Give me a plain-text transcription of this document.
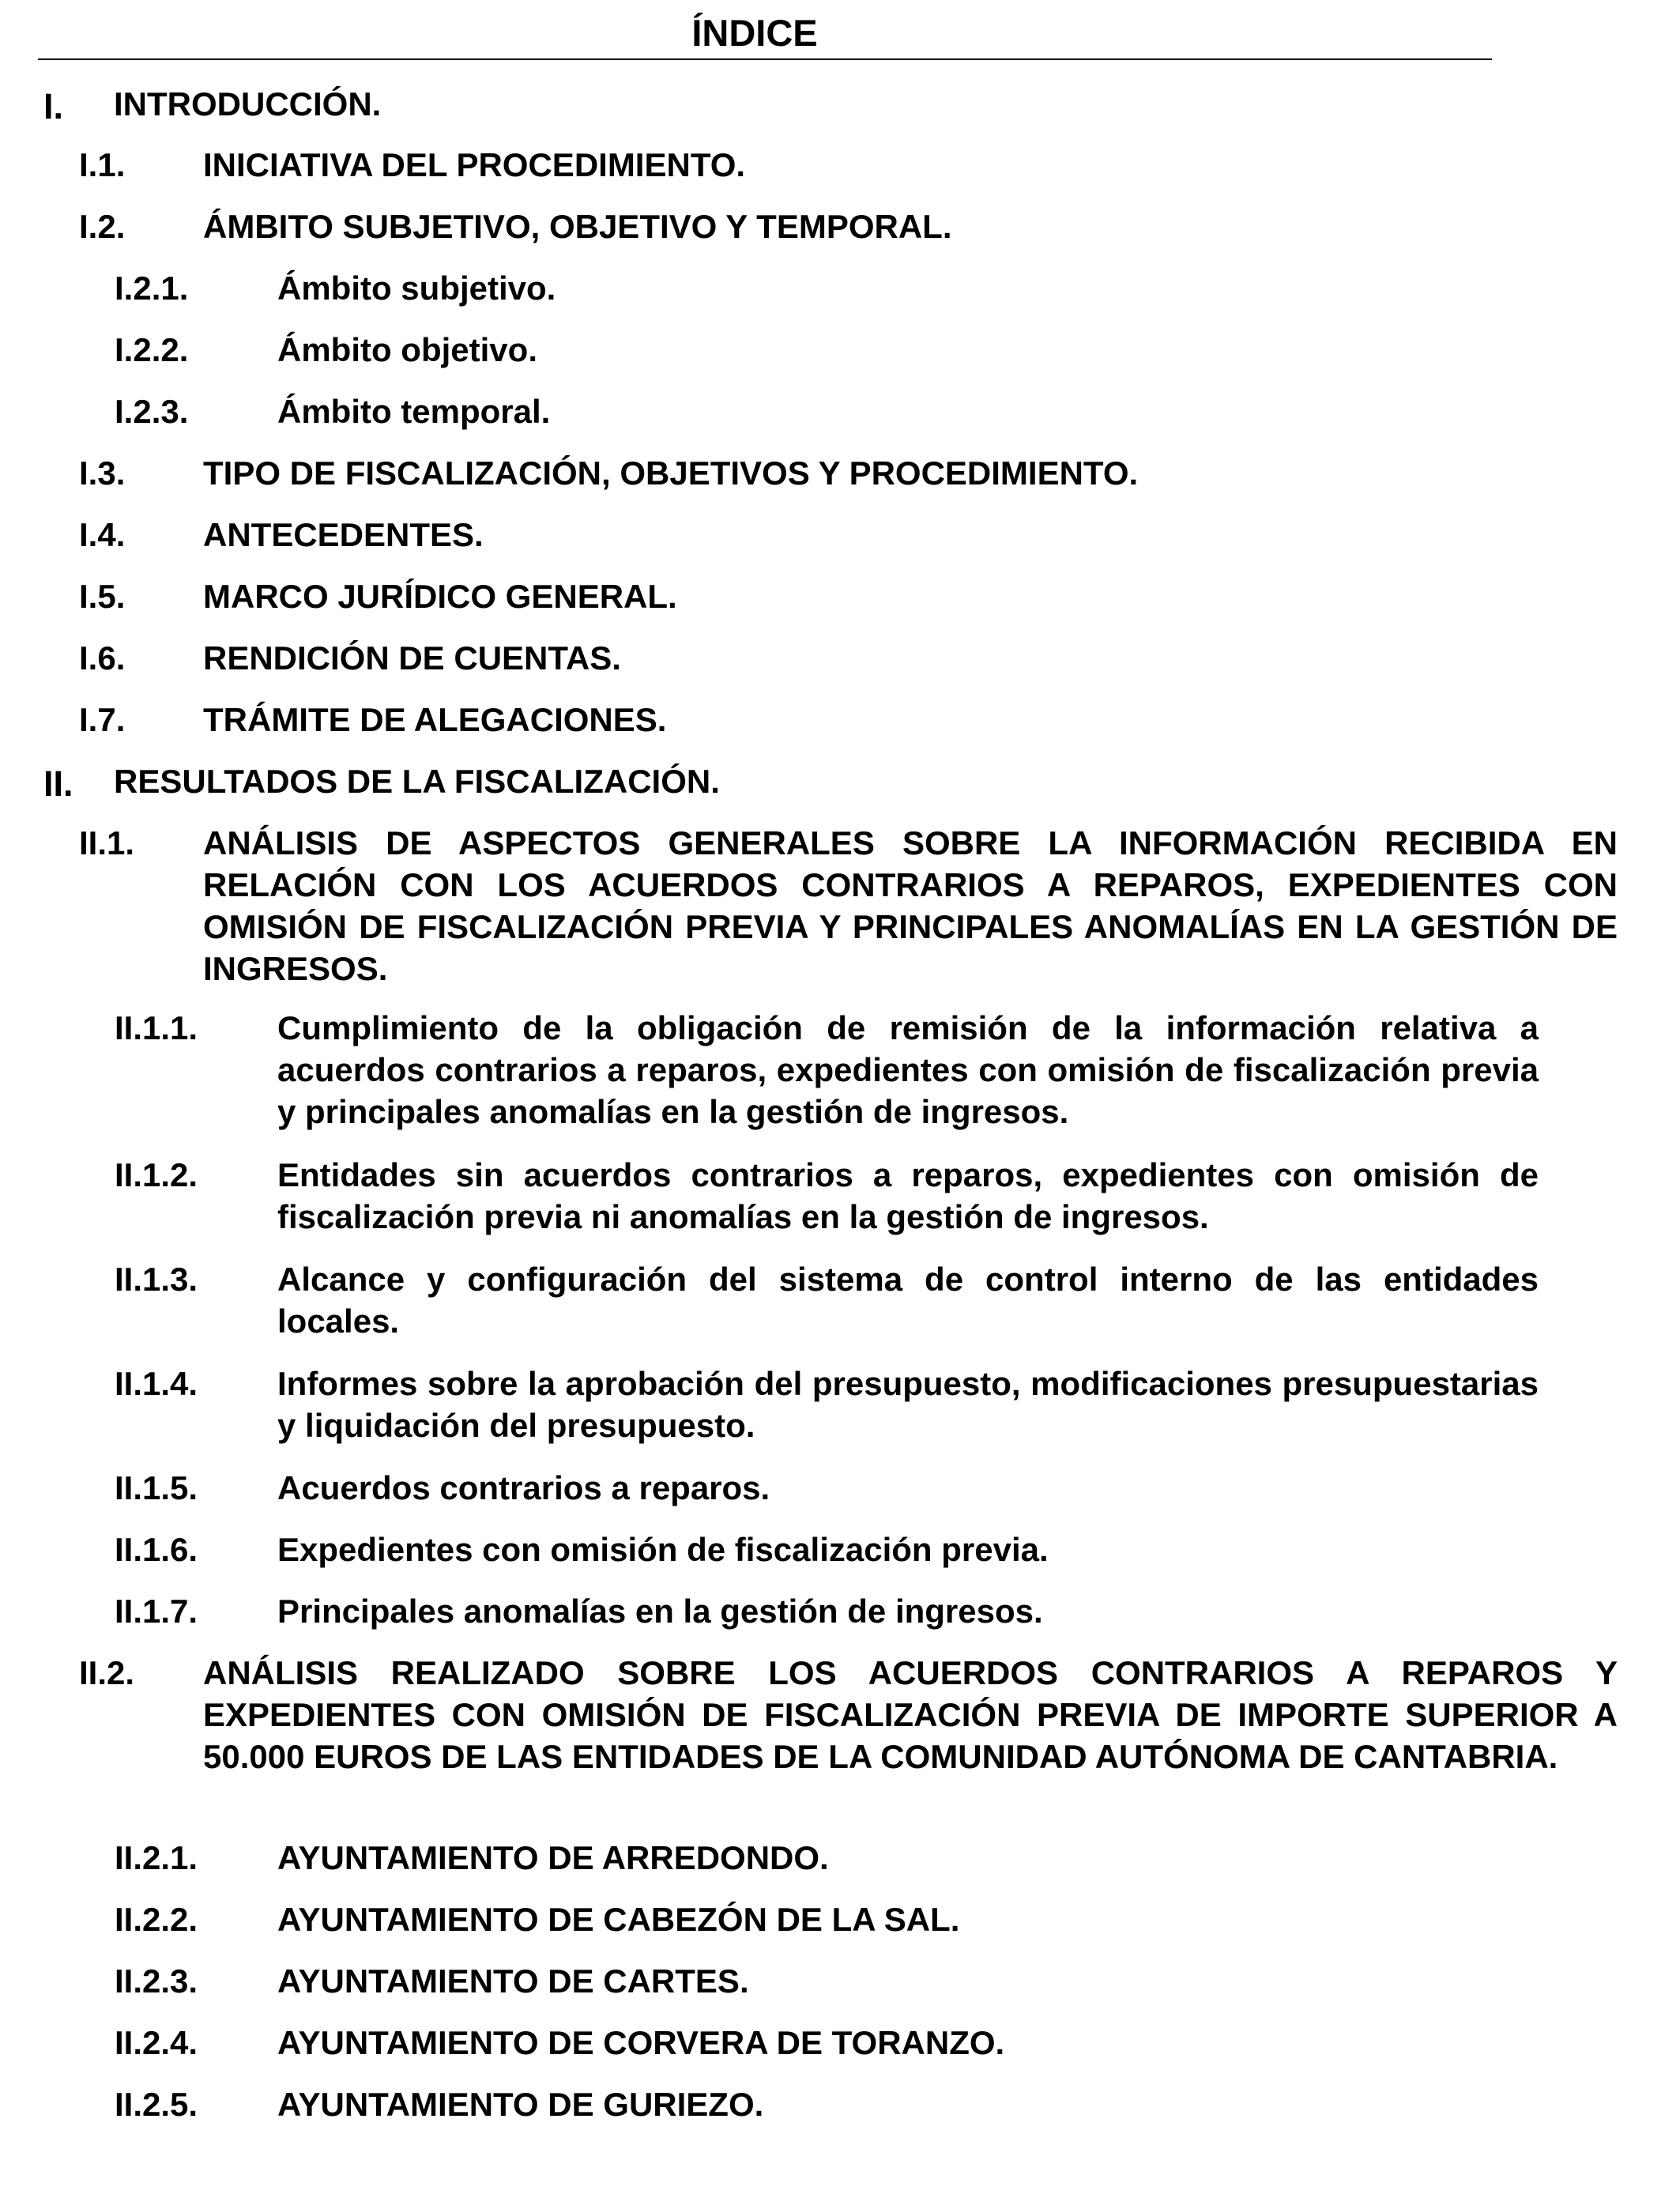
ÍNDICE
I. INTRODUCCIÓN.
I.1. INICIATIVA DEL PROCEDIMIENTO.
I.2. ÁMBITO SUBJETIVO, OBJETIVO Y TEMPORAL.
I.2.1.	Ámbito subjetivo.
I.2.2.	Ámbito objetivo.
I.2.3.	Ámbito temporal.
I.3. TIPO DE FISCALIZACIÓN, OBJETIVOS Y PROCEDIMIENTO.
I.4. ANTECEDENTES.
I.5. MARCO JURÍDICO GENERAL.
I.6. RENDICIÓN DE CUENTAS.
I.7. TRÁMITE DE ALEGACIONES.
II. RESULTADOS DE LA FISCALIZACIÓN.
II.1. ANÁLISIS DE ASPECTOS GENERALES SOBRE LA INFORMACIÓN RECIBIDA EN RELACIÓN CON LOS ACUERDOS CONTRARIOS A REPAROS, EXPEDIENTES CON OMISIÓN DE FISCALIZACIÓN PREVIA Y PRINCIPALES ANOMALÍAS EN LA GESTIÓN DE INGRESOS.
II.1.1. Cumplimiento de la obligación de remisión de la información relativa a acuerdos contrarios a reparos, expedientes con omisión de fiscalización previa y principales anomalías en la gestión de ingresos.
II.1.2. Entidades sin acuerdos contrarios a reparos, expedientes con omisión de fiscalización previa ni anomalías en la gestión de ingresos.
II.1.3. Alcance y configuración del sistema de control interno de las entidades locales.
II.1.4. Informes sobre la aprobación del presupuesto, modificaciones presupuestarias y liquidación del presupuesto.
II.1.5. Acuerdos contrarios a reparos.
II.1.6. Expedientes con omisión de fiscalización previa.
II.1.7. Principales anomalías en la gestión de ingresos.
II.2. ANÁLISIS REALIZADO SOBRE LOS ACUERDOS CONTRARIOS A REPAROS Y EXPEDIENTES CON OMISIÓN DE FISCALIZACIÓN PREVIA DE IMPORTE SUPERIOR A 50.000 EUROS DE LAS ENTIDADES DE LA COMUNIDAD AUTÓNOMA DE CANTABRIA.
II.2.1. AYUNTAMIENTO DE ARREDONDO.
II.2.2. AYUNTAMIENTO DE CABEZÓN DE LA SAL.
II.2.3. AYUNTAMIENTO DE CARTES.
II.2.4. AYUNTAMIENTO DE CORVERA DE TORANZO.
II.2.5. AYUNTAMIENTO DE GURIEZO.
